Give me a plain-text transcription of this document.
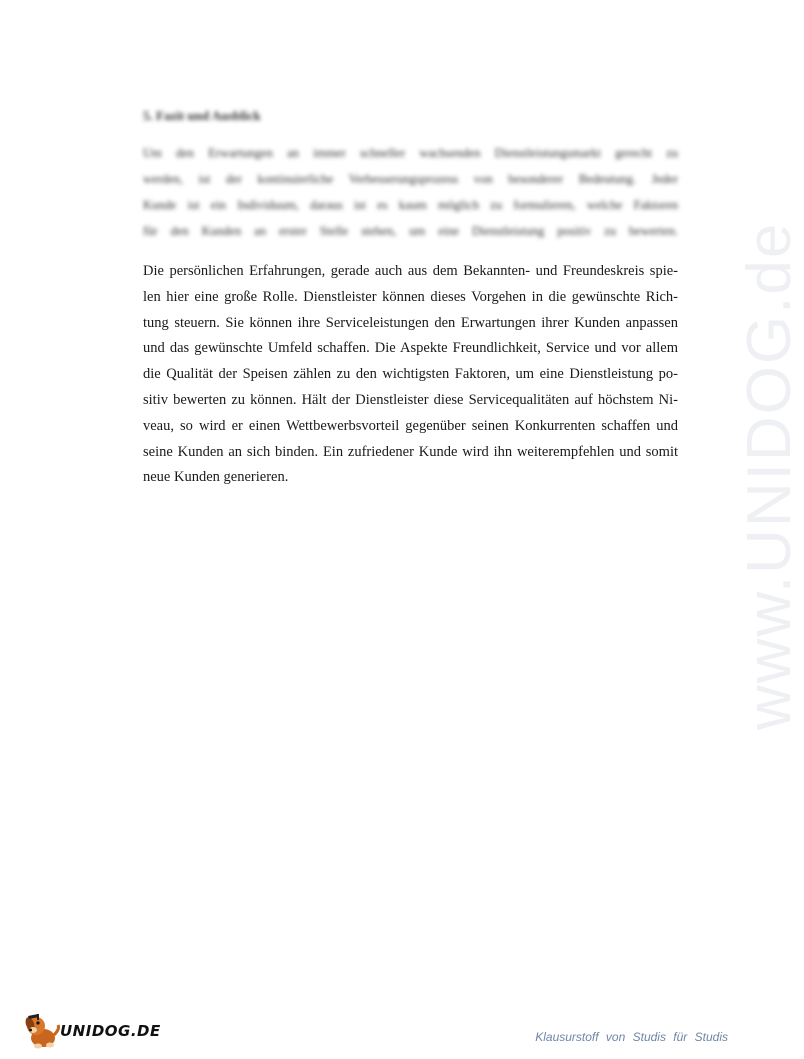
www.UNIDOG.de
5. Fazit und Ausblick
Um den Erwartungen an immer schneller wachsenden Dienstleistungsmarkt gerecht zu
werden, ist der kontinuierliche Verbesserungsprozess von besonderer Bedeutung. Jeder
Kunde ist ein Individuum, daraus ist es kaum möglich zu formulieren, welche Faktoren
für den Kunden an erster Stelle stehen, um eine Dienstleistung positiv zu bewerten.
Die persönlichen Erfahrungen, gerade auch aus dem Bekannten- und Freundeskreis spie-
len hier eine große Rolle. Dienstleister können dieses Vorgehen in die gewünschte Rich-
tung steuern. Sie können ihre Serviceleistungen den Erwartungen ihrer Kunden anpassen
und das gewünschte Umfeld schaffen. Die Aspekte Freundlichkeit, Service und vor allem
die Qualität der Speisen zählen zu den wichtigsten Faktoren, um eine Dienstleistung po-
sitiv bewerten zu können. Hält der Dienstleister diese Servicequalitäten auf höchstem Ni-
veau, so wird er einen Wettbewerbsvorteil gegenüber seinen Konkurrenten schaffen und
seine Kunden an sich binden. Ein zufriedener Kunde wird ihn weiterempfehlen und somit
neue Kunden generieren.
UNIDOG.DE	Klausurstoff von Studis für Studis
